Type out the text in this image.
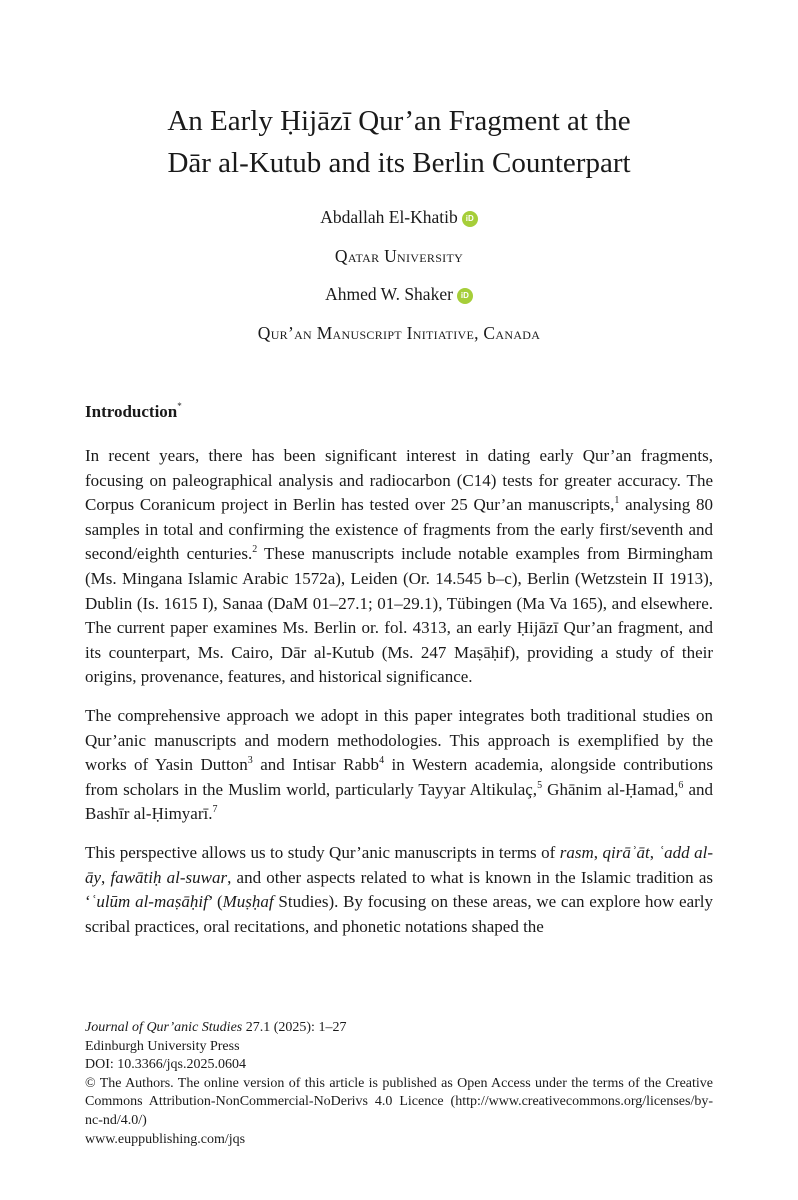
An Early Ḥijāzī Qur’an Fragment at the
Dār al-Kutub and its Berlin Counterpart
Abdallah El-Khatib iD
Qatar University
Ahmed W. Shaker iD
Qur’an Manuscript Initiative, Canada
Introduction*

In recent years, there has been significant interest in dating early Qur’an fragments, focusing on paleographical analysis and radiocarbon (C14) tests for greater accuracy. The Corpus Coranicum project in Berlin has tested over 25 Qur’an manuscripts,$^1$ analysing 80 samples in total and confirming the existence of fragments from the early first/seventh and second/eighth centuries.$^2$ These manuscripts include notable examples from Birmingham (Ms. Mingana Islamic Arabic 1572a), Leiden (Or. 14.545 b–c), Berlin (Wetzstein II 1913), Dublin (Is. 1615 I), Sanaa (DaM 01–27.1; 01–29.1), Tübingen (Ma Va 165), and elsewhere. The current paper examines Ms. Berlin or. fol. 4313, an early Ḥijāzī Qur’an fragment, and its counterpart, Ms. Cairo, Dār al-Kutub (Ms. 247 Maṣāḥif), providing a study of their origins, provenance, features, and historical significance.

The comprehensive approach we adopt in this paper integrates both traditional studies on Qur’anic manuscripts and modern methodologies. This approach is exemplified by the works of Yasin Dutton$^3$ and Intisar Rabb$^4$ in Western academia, alongside contributions from scholars in the Muslim world, particularly Tayyar Altikulaç,$^5$ Ghānim al-Ḥamad,$^6$ and Bashīr al-Ḥimyarī.$^7$

This perspective allows us to study Qur’anic manuscripts in terms of rasm, qirāʾāt, ʿadd al-āy, fawātiḥ al-suwar, and other aspects related to what is known in the Islamic tradition as ‘ʿulūm al-maṣāḥif’ (Muṣḥaf Studies). By focusing on these areas, we can explore how early scribal practices, oral recitations, and phonetic notations shaped the

Journal of Qur’anic Studies 27.1 (2025): 1–27
Edinburgh University Press
DOI: 10.3366/jqs.2025.0604
© The Authors. The online version of this article is published as Open Access under the terms of the Creative Commons Attribution-NonCommercial-NoDerivs 4.0 Licence (http://www.creativecommons.org/licenses/by-nc-nd/4.0/)
www.euppublishing.com/jqs
